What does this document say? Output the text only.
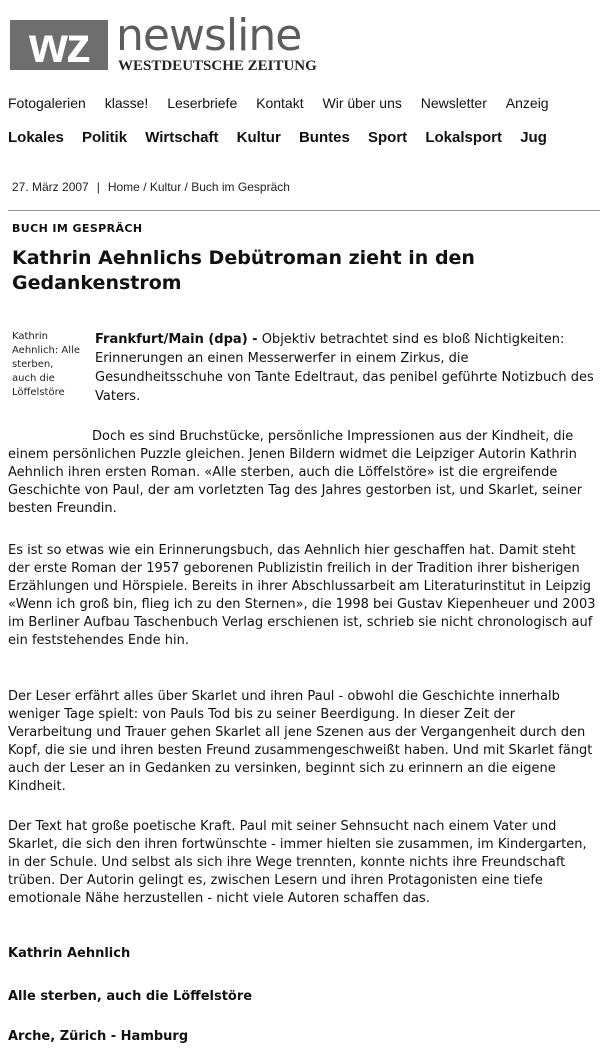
wz newsline
WESTDEUTSCHE ZEITUNG
Fotogalerien klasse! Leserbriefe Kontakt Wir über uns Newsletter Anzeig
Lokales Politik Wirtschaft Kultur Buntes Sport Lokalsport Jug
27. März 2007 | Home / Kultur / Buch im Gespräch
BUCH IM GESPRÄCH
Kathrin Aehnlichs Debütroman zieht in den Gedankenstrom
Kathrin Aehnlich: Alle sterben, auch die Löffelstöre
Frankfurt/Main (dpa) - Objektiv betrachtet sind es bloß Nichtigkeiten: Erinnerungen an einen Messerwerfer in einem Zirkus, die Gesundheitsschuhe von Tante Edeltraut, das penibel geführte Notizbuch des Vaters.
Doch es sind Bruchstücke, persönliche Impressionen aus der Kindheit, die einem persönlichen Puzzle gleichen. Jenen Bildern widmet die Leipziger Autorin Kathrin Aehnlich ihren ersten Roman. «Alle sterben, auch die Löffelstöre» ist die ergreifende Geschichte von Paul, der am vorletzten Tag des Jahres gestorben ist, und Skarlet, seiner besten Freundin.
Es ist so etwas wie ein Erinnerungsbuch, das Aehnlich hier geschaffen hat. Damit steht der erste Roman der 1957 geborenen Publizistin freilich in der Tradition ihrer bisherigen Erzählungen und Hörspiele. Bereits in ihrer Abschlussarbeit am Literaturinstitut in Leipzig «Wenn ich groß bin, flieg ich zu den Sternen», die 1998 bei Gustav Kiepenheuer und 2003 im Berliner Aufbau Taschenbuch Verlag erschienen ist, schrieb sie nicht chronologisch auf ein feststehendes Ende hin.
Der Leser erfährt alles über Skarlet und ihren Paul - obwohl die Geschichte innerhalb weniger Tage spielt: von Pauls Tod bis zu seiner Beerdigung. In dieser Zeit der Verarbeitung und Trauer gehen Skarlet all jene Szenen aus der Vergangenheit durch den Kopf, die sie und ihren besten Freund zusammengeschweißt haben. Und mit Skarlet fängt auch der Leser an in Gedanken zu versinken, beginnt sich zu erinnern an die eigene Kindheit.
Der Text hat große poetische Kraft. Paul mit seiner Sehnsucht nach einem Vater und Skarlet, die sich den ihren fortwünschte - immer hielten sie zusammen, im Kindergarten, in der Schule. Und selbst als sich ihre Wege trennten, konnte nichts ihre Freundschaft trüben. Der Autorin gelingt es, zwischen Lesern und ihren Protagonisten eine tiefe emotionale Nähe herzustellen - nicht viele Autoren schaffen das.
Kathrin Aehnlich
Alle sterben, auch die Löffelstöre
Arche, Zürich - Hamburg
